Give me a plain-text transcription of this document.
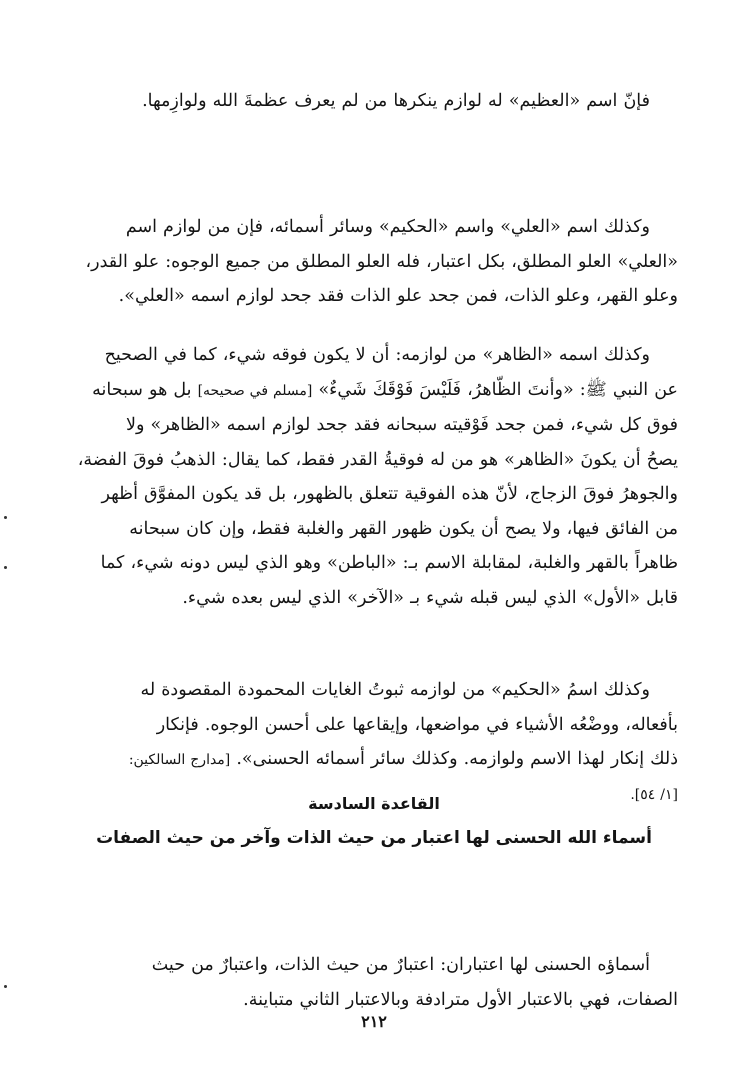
فإنّ اسم «العظيم» له لوازم ينكرها من لم يعرف عظمةَ الله ولوازِمها.

وكذلك اسم «العلي» واسم «الحكيم» وسائر أسمائه، فإن من لوازم اسم
«العلي» العلو المطلق، بكل اعتبار، فله العلو المطلق من جميع الوجوه: علو القدر،
وعلو القهر، وعلو الذات، فمن جحد علو الذات فقد جحد لوازم اسمه «العلي».

وكذلك اسمه «الظاهر» من لوازمه: أن لا يكون فوقه شيء، كما في الصحيح
عن النبي ﷺ: «وأنتَ الظّاهرُ، فَلَيْسَ فَوْقَكَ شَيءٌ» [مسلم في صحيحه] بل هو سبحانه
فوق كل شيء، فمن جحد فَوْقيته سبحانه فقد جحد لوازم اسمه «الظاهر» ولا
يصحُ أن يكونَ «الظاهر» هو من له فوقيةُ القدر فقط، كما يقال: الذهبُ فوقَ الفضة،
والجوهرُ فوقَ الزجاج، لأنّ هذه الفوقية تتعلق بالظهور، بل قد يكون المفوَّق أظهر
من الفائق فيها، ولا يصح أن يكون ظهور القهر والغلبة فقط، وإن كان سبحانه
ظاهراً بالقهر والغلبة، لمقابلة الاسم بـ: «الباطن» وهو الذي ليس دونه شيء، كما
قابل «الأول» الذي ليس قبله شيء بـ «الآخر» الذي ليس بعده شيء.

وكذلك اسمُ «الحكيم» من لوازمه ثبوتُ الغايات المحمودة المقصودة له
بأفعاله، ووضْعُه الأشياء في مواضعها، وإيقاعها على أحسن الوجوه. فإنكار
ذلك إنكار لهذا الاسم ولوازمه. وكذلك سائر أسمائه الحسنى». [مدارج السالكين:
[١/ ٥٤].

القاعدة السادسة
أسماء الله الحسنى لها اعتبار من حيث الذات وآخر من حيث الصفات

أسماؤه الحسنى لها اعتباران: اعتبارٌ من حيث الذات، واعتبارٌ من حيث
الصفات، فهي بالاعتبار الأول مترادفة وبالاعتبار الثاني متباينة.

٢١٢
